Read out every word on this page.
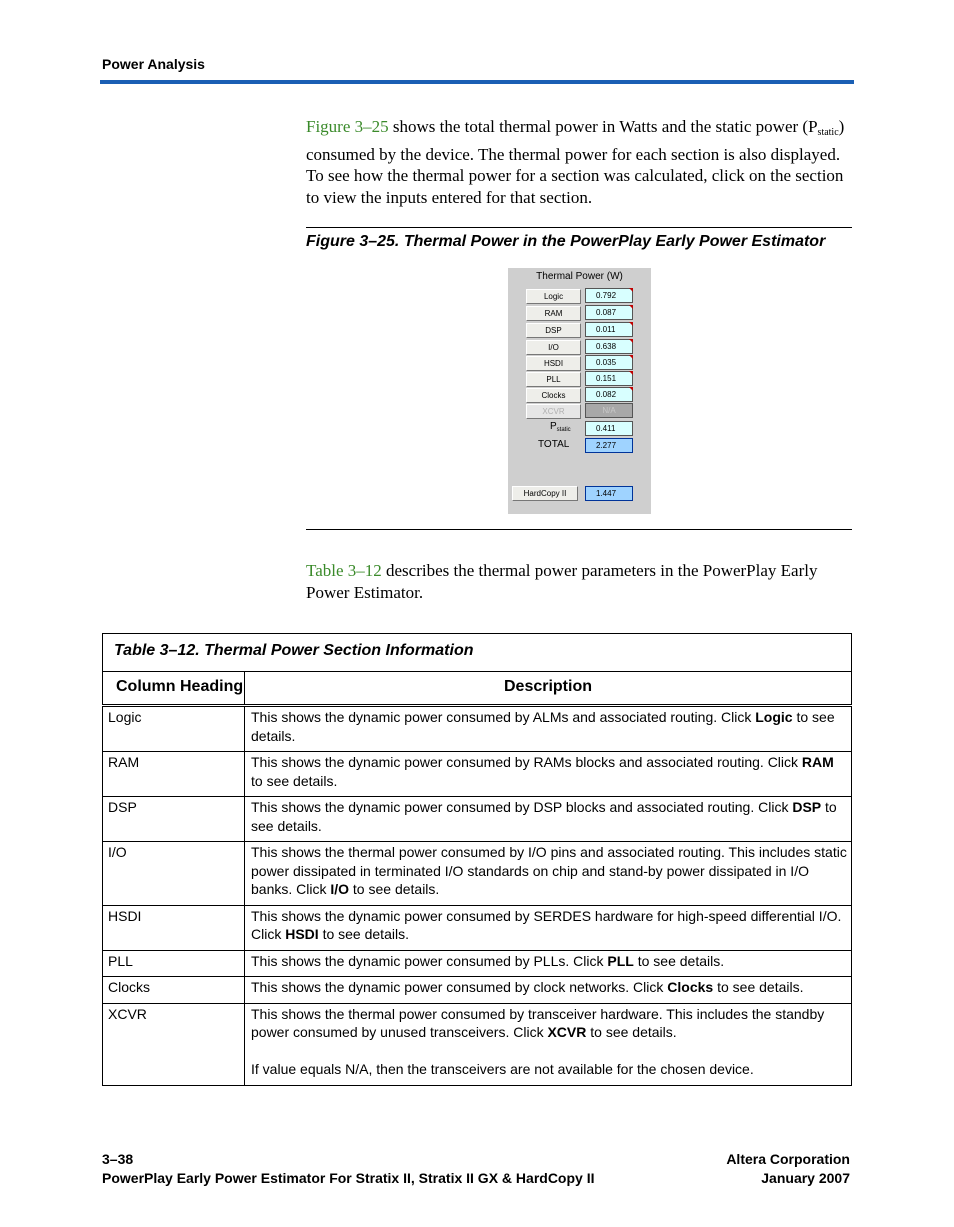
Power Analysis

Figure 3–25 shows the total thermal power in Watts and the static power $(P_{static})$ consumed by the device. The thermal power for each section is also displayed. To see how the thermal power for a section was calculated, click on the section to view the inputs entered for that section.

Figure 3–25. Thermal Power in the PowerPlay Early Power Estimator
Thermal Power (W)
Logic	0.792
RAM	0.087
DSP	0.011
I/O	0.638
HSDI	0.035
PLL	0.151
Clocks	0.082
XCVR	N/A
$P_{static}$	0.411
TOTAL	2.277
HardCopy II	1.447

Table 3–12 describes the thermal power parameters in the PowerPlay Early Power Estimator.

Table 3–12. Thermal Power Section Information	
Column Heading	Description
Logic	This shows the dynamic power consumed by ALMs and associated routing. Click Logic to see details.
RAM	This shows the dynamic power consumed by RAMs blocks and associated routing. Click RAM to see details.
DSP	This shows the dynamic power consumed by DSP blocks and associated routing. Click DSP to see details.
I/O	This shows the thermal power consumed by I/O pins and associated routing. This includes static power dissipated in terminated I/O standards on chip and stand-by power dissipated in I/O banks. Click I/O to see details.
HSDI	This shows the dynamic power consumed by SERDES hardware for high-speed differential I/O. Click HSDI to see details.
PLL	This shows the dynamic power consumed by PLLs. Click PLL to see details.
Clocks	This shows the dynamic power consumed by clock networks. Click Clocks to see details.
XCVR	This shows the thermal power consumed by transceiver hardware. This includes the standby power consumed by unused transceivers. Click XCVR to see details.

If value equals N/A, then the transceivers are not available for the chosen device.
3–38
PowerPlay Early Power Estimator For Stratix II, Stratix II GX & HardCopy II
Altera Corporation
January 2007
